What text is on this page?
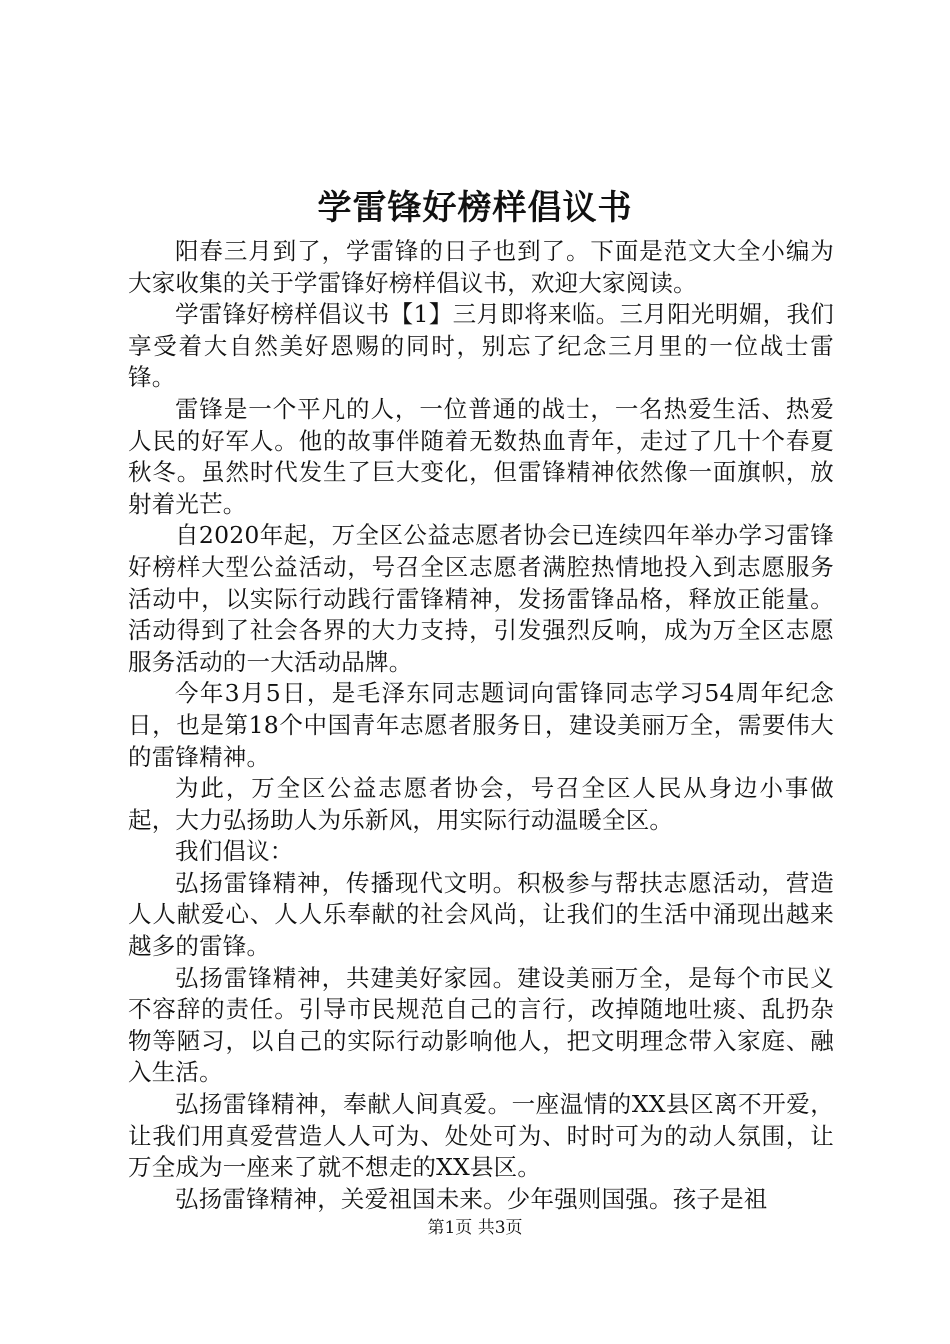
学雷锋好榜样倡议书

阳春三月到了，学雷锋的日子也到了。下面是范文大全小编为大家收集的关于学雷锋好榜样倡议书，欢迎大家阅读。

学雷锋好榜样倡议书【1】三月即将来临。三月阳光明媚，我们享受着大自然美好恩赐的同时，别忘了纪念三月里的一位战士雷锋。

雷锋是一个平凡的人，一位普通的战士，一名热爱生活、热爱人民的好军人。他的故事伴随着无数热血青年，走过了几十个春夏秋冬。虽然时代发生了巨大变化，但雷锋精神依然像一面旗帜，放射着光芒。

自2020年起，万全区公益志愿者协会已连续四年举办学习雷锋好榜样大型公益活动，号召全区志愿者满腔热情地投入到志愿服务活动中，以实际行动践行雷锋精神，发扬雷锋品格，释放正能量。活动得到了社会各界的大力支持，引发强烈反响，成为万全区志愿服务活动的一大活动品牌。

今年3月5日，是毛泽东同志题词向雷锋同志学习54周年纪念日，也是第18个中国青年志愿者服务日，建设美丽万全，需要伟大的雷锋精神。

为此，万全区公益志愿者协会，号召全区人民从身边小事做起，大力弘扬助人为乐新风，用实际行动温暖全区。

我们倡议：

弘扬雷锋精神，传播现代文明。积极参与帮扶志愿活动，营造人人献爱心、人人乐奉献的社会风尚，让我们的生活中涌现出越来越多的雷锋。

弘扬雷锋精神，共建美好家园。建设美丽万全，是每个市民义不容辞的责任。引导市民规范自己的言行，改掉随地吐痰、乱扔杂物等陋习，以自己的实际行动影响他人，把文明理念带入家庭、融入生活。

弘扬雷锋精神，奉献人间真爱。一座温情的XX县区离不开爱，让我们用真爱营造人人可为、处处可为、时时可为的动人氛围，让万全成为一座来了就不想走的XX县区。

弘扬雷锋精神，关爱祖国未来。少年强则国强。孩子是祖

第1页 共3页
